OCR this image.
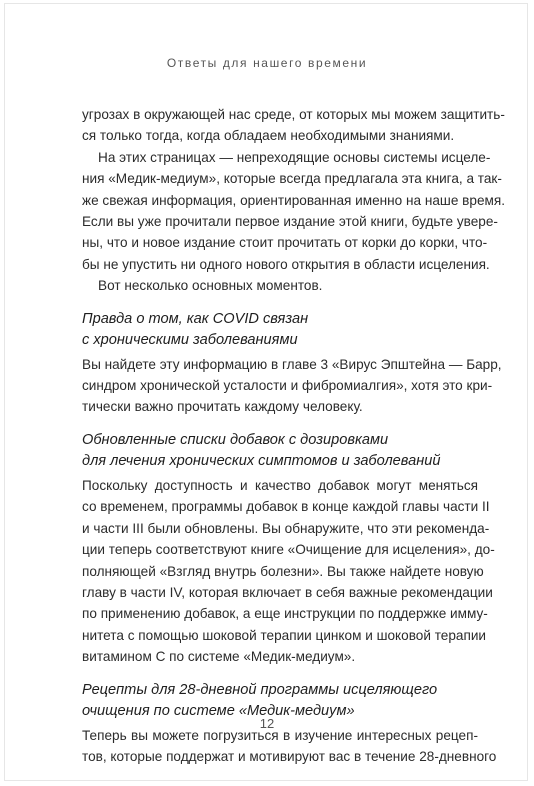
Ответы для нашего времени
угрозах в окружающей нас среде, от которых мы можем защитить-
ся только тогда, когда обладаем необходимыми знаниями.
На этих страницах — непреходящие основы системы исцеле-
ния «Медик-медиум», которые всегда предлагала эта книга, а так-
же свежая информация, ориентированная именно на наше время.
Если вы уже прочитали первое издание этой книги, будьте уверe-
ны, что и новое издание стоит прочитать от корки до корки, что-
бы не упустить ни одного нового открытия в области исцеления.
Вот несколько основных моментов.
Правда о том, как COVID связан
с хроническими заболеваниями
Вы найдете эту информацию в главе 3 «Вирус Эпштейна — Барр,
синдром хронической усталости и фибромиалгия», хотя это кри-
тически важно прочитать каждому человеку.
Обновленные списки добавок с дозировками
для лечения хронических симптомов и заболеваний
Поскольку доступность и качество добавок могут меняться
со временем, программы добавок в конце каждой главы части II
и части III были обновлены. Вы обнаружите, что эти рекоменда-
ции теперь соответствуют книге «Очищение для исцеления», до-
полняющей «Взгляд внутрь болезни». Вы также найдете новую
главу в части IV, которая включает в себя важные рекомендации
по применению добавок, а еще инструкции по поддержке имму-
нитета с помощью шоковой терапии цинком и шоковой терапии
витамином С по системе «Медик-медиум».
Рецепты для 28-дневной программы исцеляющего
очищения по системе «Медик-медиум»
Теперь вы можете погрузиться в изучение интересных рецеп-
тов, которые поддержат и мотивируют вас в течение 28-дневного
12
